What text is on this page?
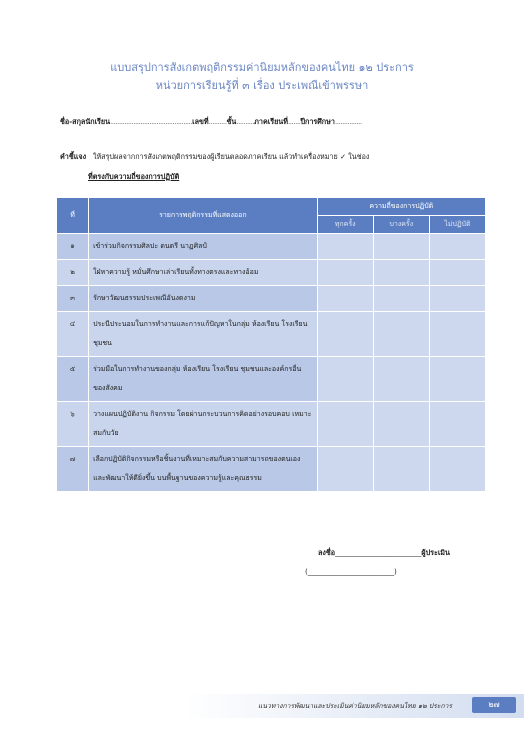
แบบสรุปการสังเกตพฤติกรรมค่านิยมหลักของคนไทย ๑๒ ประการ
หน่วยการเรียนรู้ที่ ๓ เรื่อง ประเพณีเข้าพรรษา
ชื่อ-สกุลนักเรียน..............................................เลขที่..........ชั้น..........ภาคเรียนที่.......ปีการศึกษา...............
คำชี้แจง ให้สรุปผลจากการสังเกตพฤติกรรมของผู้เรียนตลอดภาคเรียน แล้วทำเครื่องหมาย ✓ ในช่อง
ที่ตรงกับความถี่ของการปฏิบัติ
ที่	รายการพฤติกรรมที่แสดงออก	ความถี่ของการปฏิบัติ		
		ทุกครั้ง	บางครั้ง	ไม่ปฏิบัติ
๑	เข้าร่วมกิจกรรมศิลปะ ดนตรี นาฏศิลป์			
๒	ใฝ่หาความรู้ หมั่นศึกษาเล่าเรียนทั้งทางตรงและทางอ้อม			
๓	รักษาวัฒนธรรมประเพณีอันงดงาม			
๔	ประนีประนอมในการทำงานและการแก้ปัญหาในกลุ่ม ห้องเรียน โรงเรียน ชุมชน			
๕	ร่วมมือในการทำงานของกลุ่ม ห้องเรียน โรงเรียน ชุมชนและองค์กรอื่นของสังคม			
๖	วางแผนปฏิบัติงาน กิจกรรม โดยผ่านกระบวนการคิดอย่างรอบคอบ เหมาะสมกับวัย			
๗	เลือกปฏิบัติกิจกรรมหรือชิ้นงานที่เหมาะสมกับความสามารถของตนเองและพัฒนาให้ดียิ่งขึ้น บนพื้นฐานของความรู้และคุณธรรม			
ลงชื่อ________________________ผู้ประเมิน
(________________________)
แนวทางการพัฒนาและประเมินค่านิยมหลักของคนไทย ๑๒ ประการ	๒๗
